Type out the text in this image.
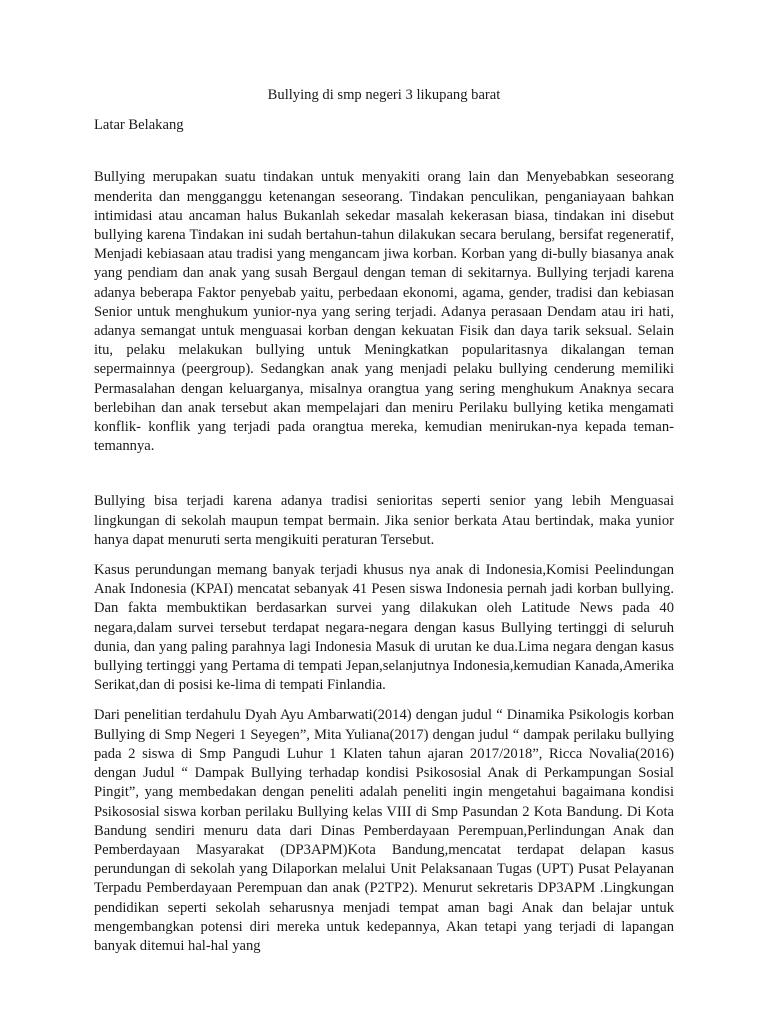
Bullying di smp negeri 3 likupang barat
Latar Belakang

Bullying merupakan suatu tindakan untuk menyakiti orang lain dan Menyebabkan seseorang menderita dan mengganggu ketenangan seseorang. Tindakan penculikan, penganiayaan bahkan intimidasi atau ancaman halus Bukanlah sekedar masalah kekerasan biasa, tindakan ini disebut bullying karena Tindakan ini sudah bertahun-tahun dilakukan secara berulang, bersifat regeneratif, Menjadi kebiasaan atau tradisi yang mengancam jiwa korban. Korban yang di-bully biasanya anak yang pendiam dan anak yang susah Bergaul dengan teman di sekitarnya. Bullying terjadi karena adanya beberapa Faktor penyebab yaitu, perbedaan ekonomi, agama, gender, tradisi dan kebiasan Senior untuk menghukum yunior-nya yang sering terjadi. Adanya perasaan Dendam atau iri hati, adanya semangat untuk menguasai korban dengan kekuatan Fisik dan daya tarik seksual. Selain itu, pelaku melakukan bullying untuk Meningkatkan popularitasnya dikalangan teman sepermainnya (peergroup). Sedangkan anak yang menjadi pelaku bullying cenderung memiliki Permasalahan dengan keluarganya, misalnya orangtua yang sering menghukum Anaknya secara berlebihan dan anak tersebut akan mempelajari dan meniru Perilaku bullying ketika mengamati konflik- konflik yang terjadi pada orangtua mereka, kemudian menirukan-nya kepada teman-temannya.

Bullying bisa terjadi karena adanya tradisi senioritas seperti senior yang lebih Menguasai lingkungan di sekolah maupun tempat bermain. Jika senior berkata Atau bertindak, maka yunior hanya dapat menuruti serta mengikuiti peraturan Tersebut.

Kasus perundungan memang banyak terjadi khusus nya anak di Indonesia,Komisi Peelindungan Anak Indonesia (KPAI) mencatat sebanyak 41 Pesen siswa Indonesia pernah jadi korban bullying. Dan fakta membuktikan berdasarkan survei yang dilakukan oleh Latitude News pada 40 negara,dalam survei tersebut terdapat negara-negara dengan kasus Bullying tertinggi di seluruh dunia, dan yang paling parahnya lagi Indonesia Masuk di urutan ke dua.Lima negara dengan kasus bullying tertinggi yang Pertama di tempati Jepan,selanjutnya Indonesia,kemudian Kanada,Amerika Serikat,dan di posisi ke-lima di tempati Finlandia.

Dari penelitian terdahulu Dyah Ayu Ambarwati(2014) dengan judul “ Dinamika Psikologis korban Bullying di Smp Negeri 1 Seyegen”, Mita Yuliana(2017) dengan judul “ dampak perilaku bullying pada 2 siswa di Smp Pangudi Luhur 1 Klaten tahun ajaran 2017/2018”, Ricca Novalia(2016) dengan Judul “ Dampak Bullying terhadap kondisi Psikososial Anak di Perkampungan Sosial Pingit”, yang membedakan dengan peneliti adalah peneliti ingin mengetahui bagaimana kondisi Psikososial siswa korban perilaku Bullying kelas VIII di Smp Pasundan 2 Kota Bandung. Di Kota Bandung sendiri menuru data dari Dinas Pemberdayaan Perempuan,Perlindungan Anak dan Pemberdayaan Masyarakat (DP3APM)Kota Bandung,mencatat terdapat delapan kasus perundungan di sekolah yang Dilaporkan melalui Unit Pelaksanaan Tugas (UPT) Pusat Pelayanan Terpadu Pemberdayaan Perempuan dan anak (P2TP2). Menurut sekretaris DP3APM .Lingkungan pendidikan seperti sekolah seharusnya menjadi tempat aman bagi Anak dan belajar untuk mengembangkan potensi diri mereka untuk kedepannya, Akan tetapi yang terjadi di lapangan banyak ditemui hal-hal yang
